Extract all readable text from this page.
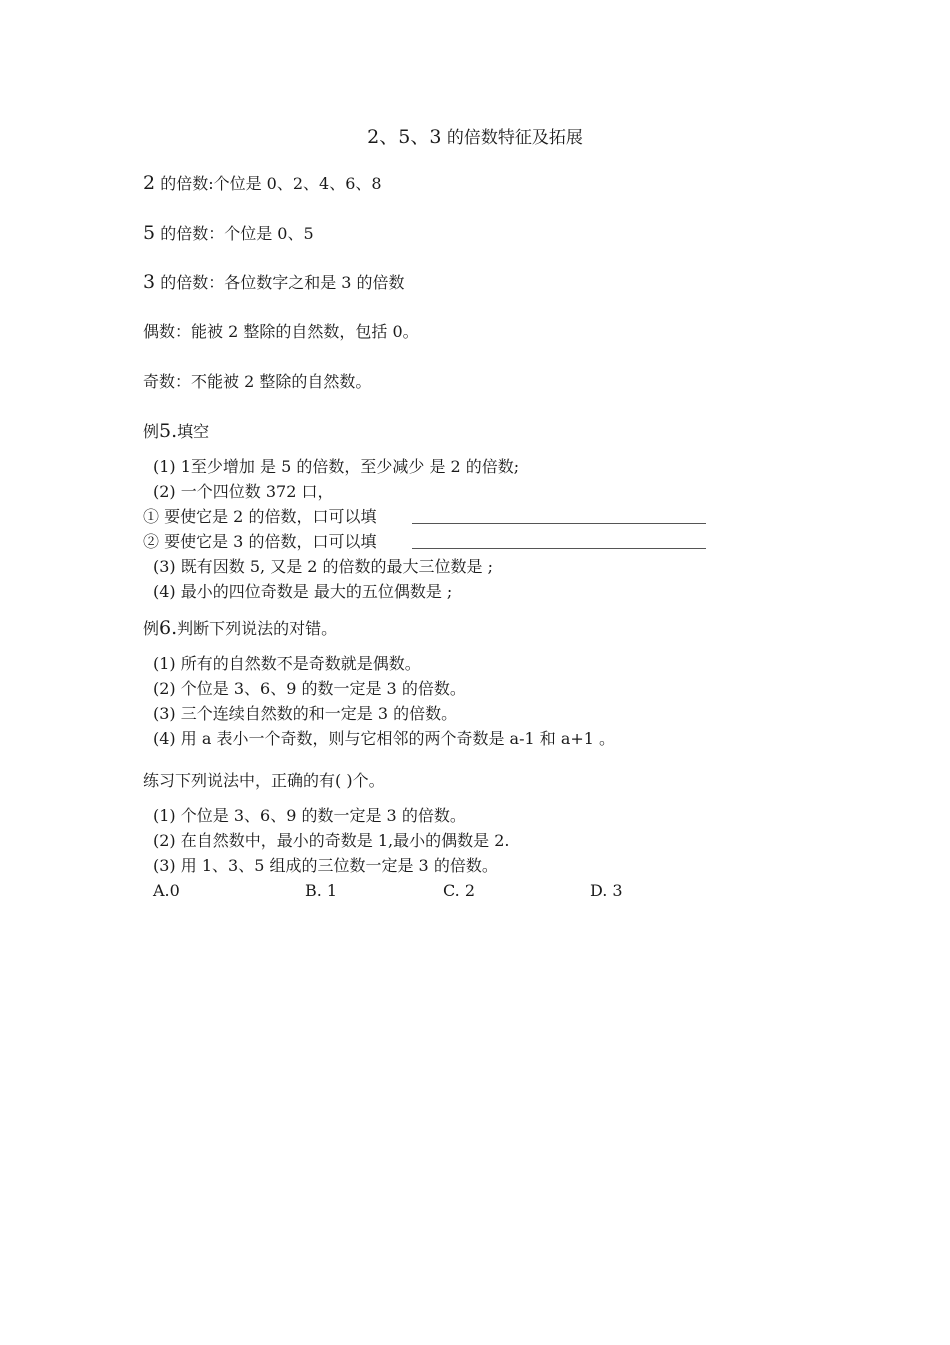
2、5、3 的倍数特征及拓展
2 的倍数:个位是 0、2、4、6、8
5 的倍数：个位是 0、5
3 的倍数：各位数字之和是 3 的倍数
偶数：能被 2 整除的自然数，包括 0。
奇数：不能被 2 整除的自然数。
例5.填空
(1) 1至少增加 是 5 的倍数，至少减少 是 2 的倍数;
(2) 一个四位数 372 口，
① 要使它是 2 的倍数，口可以填
② 要使它是 3 的倍数，口可以填
(3) 既有因数 5, 又是 2 的倍数的最大三位数是 ;
(4) 最小的四位奇数是 最大的五位偶数是 ;
例6.判断下列说法的对错。
(1) 所有的自然数不是奇数就是偶数。
(2) 个位是 3、6、9 的数一定是 3 的倍数。
(3) 三个连续自然数的和一定是 3 的倍数。
(4) 用 a 表小一个奇数，则与它相邻的两个奇数是 a-1 和 a+1 。
练习下列说法中，正确的有( )个。
(1) 个位是 3、6、9 的数一定是 3 的倍数。
(2) 在自然数中，最小的奇数是 1,最小的偶数是 2.
(3) 用 1、3、5 组成的三位数一定是 3 的倍数。
A.0	B. 1	C. 2	D. 3
